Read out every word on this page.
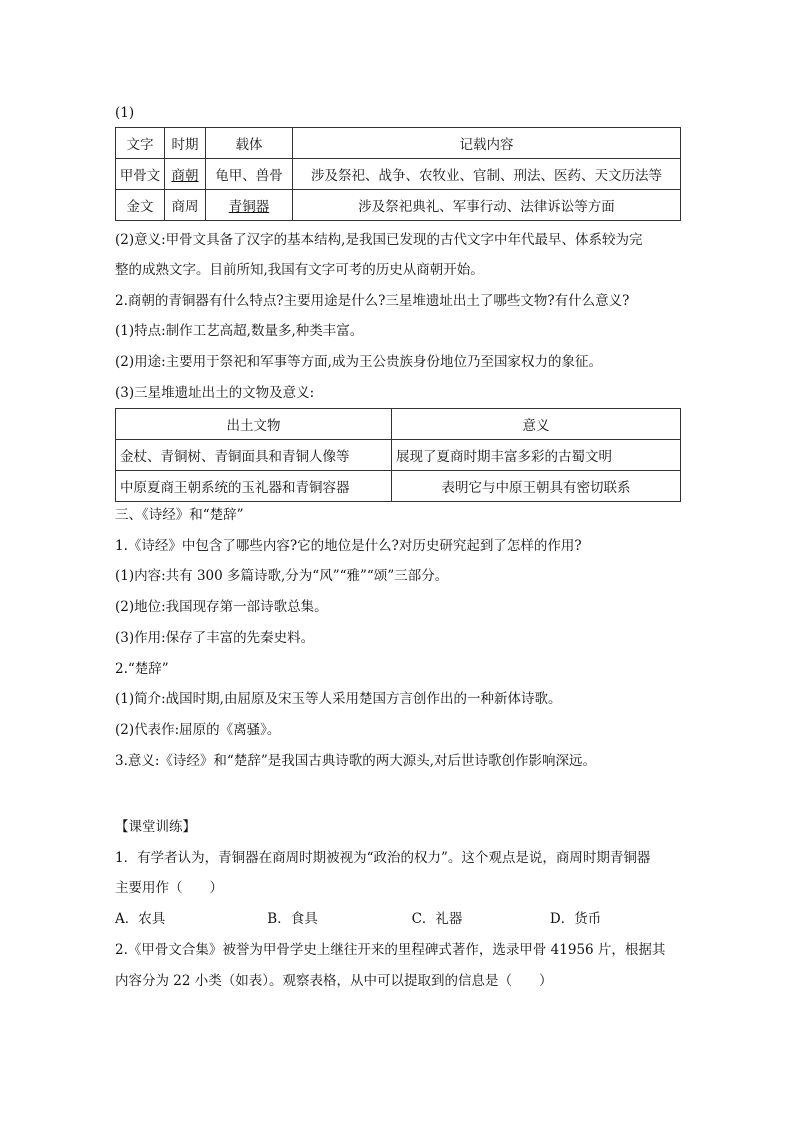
(1)
文字	时期	载体	记载内容
甲骨文	商朝	龟甲、兽骨	涉及祭祀、战争、农牧业、官制、刑法、医药、天文历法等
金文	商周	青铜器	涉及祭祀典礼、军事行动、法律诉讼等方面
(2)意义:甲骨文具备了汉字的基本结构,是我国已发现的古代文字中年代最早、体系较为完
整的成熟文字。目前所知,我国有文字可考的历史从商朝开始。
2.商朝的青铜器有什么特点?主要用途是什么?三星堆遗址出土了哪些文物?有什么意义?
(1)特点:制作工艺高超,数量多,种类丰富。
(2)用途:主要用于祭祀和军事等方面,成为王公贵族身份地位乃至国家权力的象征。
(3)三星堆遗址出土的文物及意义:
出土文物	意义
金杖、青铜树、青铜面具和青铜人像等	展现了夏商时期丰富多彩的古蜀文明
中原夏商王朝系统的玉礼器和青铜容器	表明它与中原王朝具有密切联系
三、《诗经》和“楚辞”
1.《诗经》中包含了哪些内容?它的地位是什么?对历史研究起到了怎样的作用?
(1)内容:共有 300 多篇诗歌,分为“风”“雅”“颂”三部分。
(2)地位:我国现存第一部诗歌总集。
(3)作用:保存了丰富的先秦史料。
2.“楚辞”
(1)简介:战国时期,由屈原及宋玉等人采用楚国方言创作出的一种新体诗歌。
(2)代表作:屈原的《离骚》。
3.意义:《诗经》和“楚辞”是我国古典诗歌的两大源头,对后世诗歌创作影响深远。
【课堂训练】
1．有学者认为，青铜器在商周时期被视为“政治的权力”。这个观点是说，商周时期青铜器
主要用作（　　）
A．农具	B．食具	C．礼器	D．货币
2.《甲骨文合集》被誉为甲骨学史上继往开来的里程碑式著作，选录甲骨 41956 片，根据其
内容分为 22 小类（如表）。观察表格，从中可以提取到的信息是（　　）
